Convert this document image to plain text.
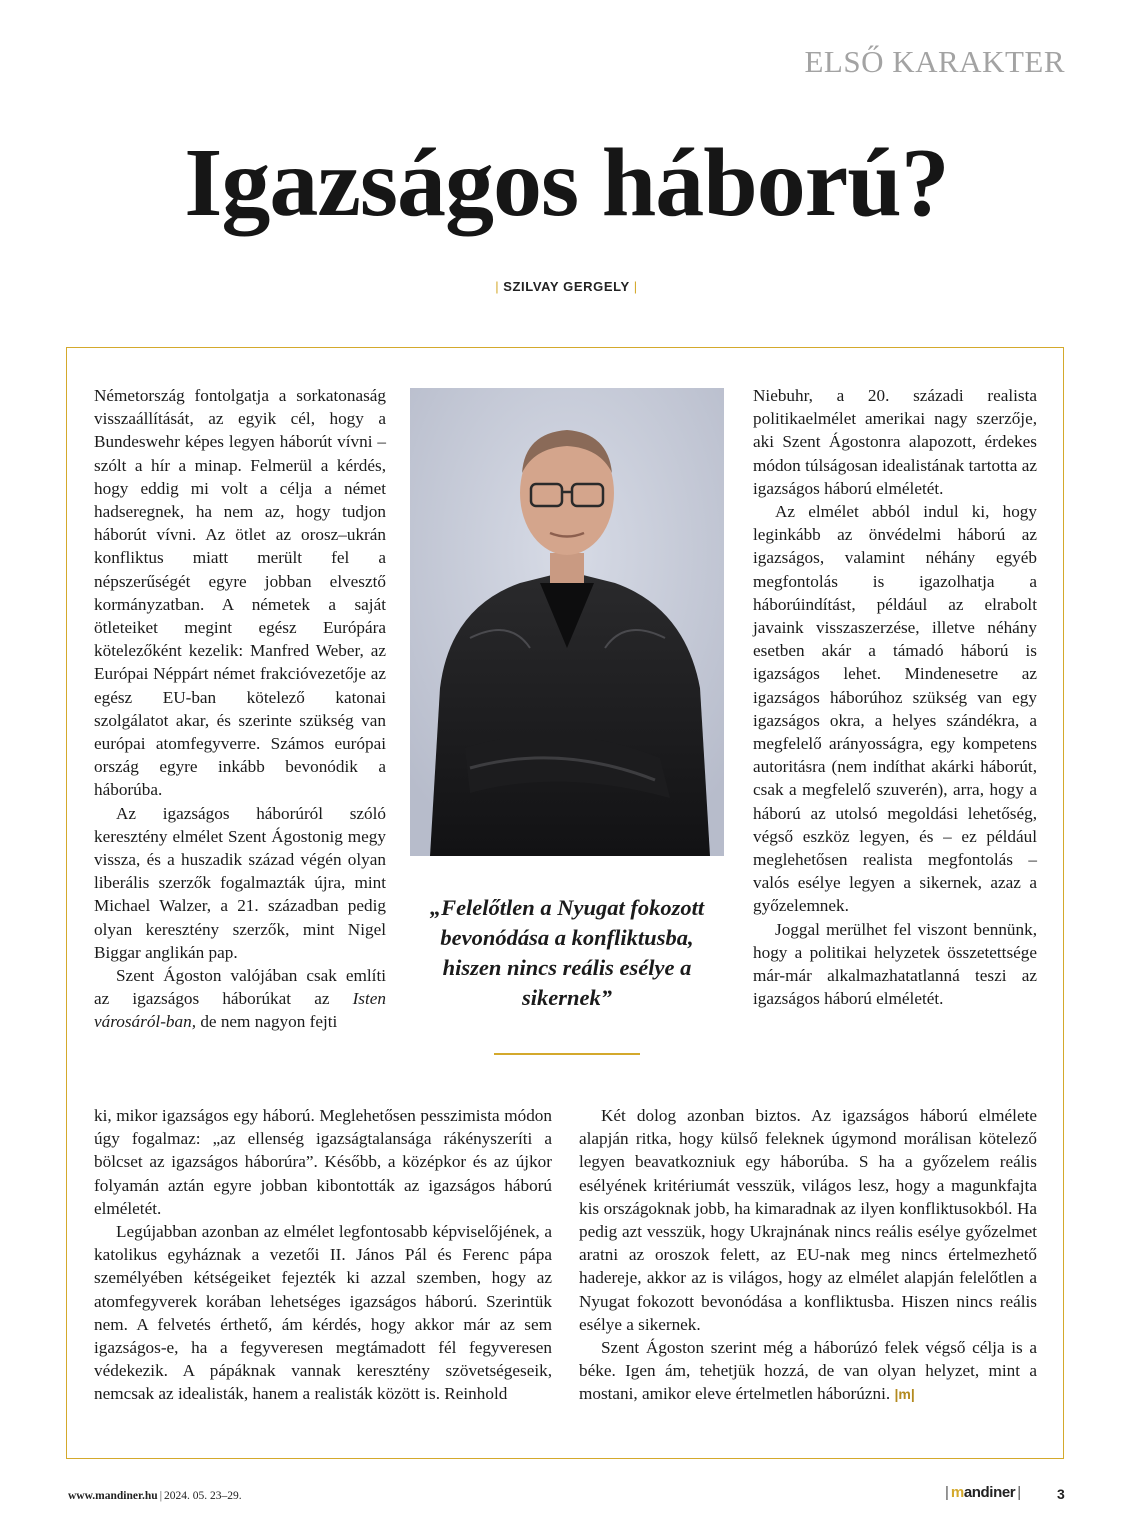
ELSŐ KARAKTER
Igazságos háború?
| SZILVAY GERGELY |

Németország fontolgatja a sorkatonaság visszaállítását, az egyik cél, hogy a Bundeswehr képes legyen háborút vívni – szólt a hír a minap. Felmerül a kérdés, hogy eddig mi volt a célja a német hadseregnek, ha nem az, hogy tudjon háborút vívni. Az ötlet az orosz–ukrán konfliktus miatt merült fel a népszerűségét egyre jobban elvesztő kormányzatban. A németek a saját ötleteiket megint egész Európára kötelezőként kezelik: Manfred Weber, az Európai Néppárt német frakcióvezetője az egész EU-ban kötelező katonai szolgálatot akar, és szerinte szükség van európai atomfegyverre. Számos európai ország egyre inkább bevonódik a háborúba.

Az igazságos háborúról szóló keresztény elmélet Szent Ágostonig megy vissza, és a huszadik század végén olyan liberális szerzők fogalmazták újra, mint Michael Walzer, a 21. században pedig olyan keresztény szerzők, mint Nigel Biggar anglikán pap.

Szent Ágoston valójában csak említi az igazságos háborúkat az Isten városáról-ban, de nem nagyon fejti

„Felelőtlen a Nyugat fokozott bevonódása a konfliktusba, hiszen nincs reális esélye a sikernek”

Niebuhr, a 20. századi realista politikaelmélet amerikai nagy szerzője, aki Szent Ágostonra alapozott, érdekes módon túlságosan idealistának tartotta az igazságos háború elméletét.

Az elmélet abból indul ki, hogy leginkább az önvédelmi háború az igazságos, valamint néhány egyéb megfontolás is igazolhatja a háborúindítást, például az elrabolt javaink visszaszerzése, illetve néhány esetben akár a támadó háború is igazságos lehet. Mindenesetre az igazságos háborúhoz szükség van egy igazságos okra, a helyes szándékra, a megfelelő arányosságra, egy kompetens autoritásra (nem indíthat akárki háborút, csak a megfelelő szuverén), arra, hogy a háború az utolsó megoldási lehetőség, végső eszköz legyen, és – ez például meglehetősen realista megfontolás – valós esélye legyen a sikernek, azaz a győzelemnek.

Joggal merülhet fel viszont bennünk, hogy a politikai helyzetek összetettsége már-már alkalmazhatatlanná teszi az igazságos háború elméletét.

ki, mikor igazságos egy háború. Meglehetősen pesszimista módon úgy fogalmaz: „az ellenség igazságtalansága rákényszeríti a bölcset az igazságos háborúra”. Később, a középkor és az újkor folyamán aztán egyre jobban kibontották az igazságos háború elméletét.

Legújabban azonban az elmélet legfontosabb képviselőjének, a katolikus egyháznak a vezetői II. János Pál és Ferenc pápa személyében kétségeiket fejezték ki azzal szemben, hogy az atomfegyverek korában lehetséges igazságos háború. Szerintük nem. A felvetés érthető, ám kérdés, hogy akkor már az sem igazságos-e, ha a fegyveresen megtámadott fél fegyveresen védekezik. A pápáknak vannak keresztény szövetségeseik, nemcsak az idealisták, hanem a realisták között is. Reinhold

Két dolog azonban biztos. Az igazságos háború elmélete alapján ritka, hogy külső feleknek úgymond morálisan kötelező legyen beavatkozniuk egy háborúba. S ha a győzelem reális esélyének kritériumát vesszük, világos lesz, hogy a magunkfajta kis országoknak jobb, ha kimaradnak az ilyen konfliktusokból. Ha pedig azt vesszük, hogy Ukrajnának nincs reális esélye győzelmet aratni az oroszok felett, az EU-nak meg nincs értelmezhető hadereje, akkor az is világos, hogy az elmélet alapján felelőtlen a Nyugat fokozott bevonódása a konfliktusba. Hiszen nincs reális esélye a sikernek.

Szent Ágoston szerint még a háborúzó felek végső célja is a béke. Igen ám, tehetjük hozzá, de van olyan helyzet, mint a mostani, amikor eleve értelmetlen háborúzni. |m|

www.mandiner.hu | 2024. 05. 23–29.	| mandiner |	3
